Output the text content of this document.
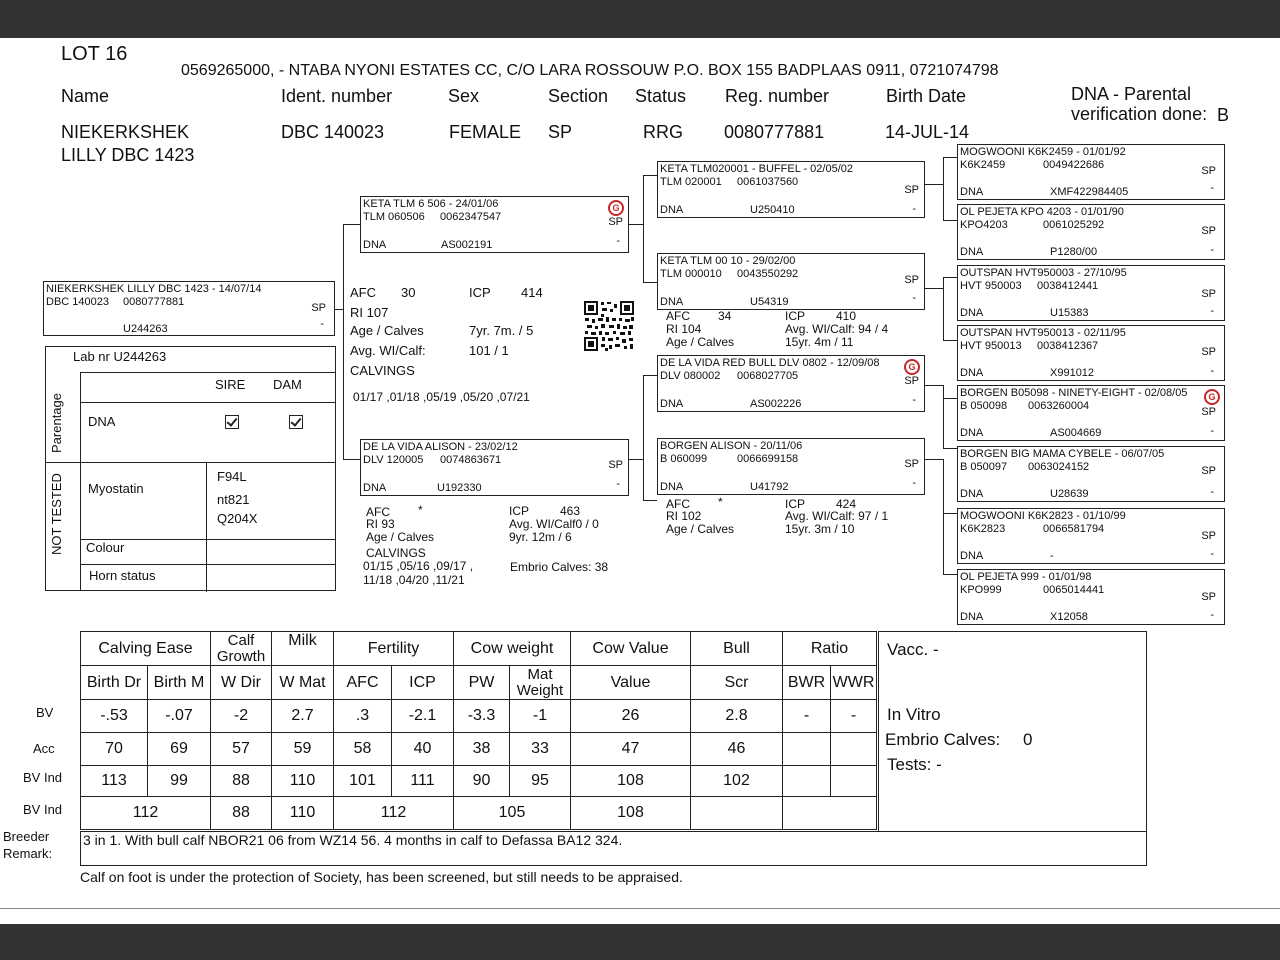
LOT 16
0569265000, - NTABA NYONI ESTATES CC, C/O LARA ROSSOUW P.O. BOX 155 BADPLAAS 0911, 0721074798
Name	Ident. number	Sex	Section Status Reg. number	Birth Date	DNA - Parental
verification done: B
NIEKERKSHEK
LILLY DBC 1423
DBC 140023	FEMALE SP	RRG 0080777881	14-JUL-14
NIEKERKSHEK LILLY DBC 1423 - 14/07/14
DBC 140023 0080777881	SP
-
U244263
Lab nr U244263
SIRE DAM
DNA
Parentage
NOT TESTED Myostatin
F94L
nt821
Q204X
Colour
Horn status
AFC 30	ICP 414
RI 107
Age / Calves	7yr. 7m. / 5
Avg. WI/Calf:	101 / 1
CALVINGS
01/17 ,01/18 ,05/19 ,05/20 ,07/21
KETA TLM 6 506 - 24/01/06
TLM 060506 0062347547	SP
-
DNA	AS002191
G
DE LA VIDA ALISON - 23/02/12
DLV 120005 0074863671	SP
-
DNA	U192330
AFC *	ICP	463
RI 93	Avg. WI/Calf0 / 0
Age / Calves	9yr. 12m / 6
CALVINGS
01/15 ,05/16 ,09/17 ,
11/18 ,04/20 ,11/21
Embrio Calves: 38
KETA TLM020001 - BUFFEL - 02/05/02
TLM 020001 0061037560
SP
-
DNA	U250410
KETA TLM 00 10 - 29/02/00
TLM 000010 0043550292	SP
-
DNA	U54319
AFC 34	ICP	410
RI 104	Avg. WI/Calf: 94 / 4
Age / Calves	15yr. 4m / 11
DE LA VIDA RED BULL DLV 0802 - 12/09/08
DLV 080002 0068027705	SP
-
DNA	AS002226
G
BORGEN ALISON - 20/11/06
B 060099	0066699158	SP
-
DNA	U41792
AFC *	ICP	424
RI 102	Avg. WI/Calf: 97 / 1
Age / Calves	15yr. 3m / 10
MOGWOONI K6K2459 - 01/01/92
K6K2459	0049422686	SP
-
DNA	XMF422984405
OL PEJETA KPO 4203 - 01/01/90
KPO4203	0061025292	SP
-
DNA	P1280/00
OUTSPAN HVT950003 - 27/10/95
HVT 950003 0038412441
SP
-
DNA	U15383
OUTSPAN HVT950013 - 02/11/95
HVT 950013 0038412367	SP
-
DNA	X991012
BORGEN B05098 - NINETY-EIGHT - 02/08/05
B 050098 0063260004	SP
-
DNA	AS004669
G
BORGEN BIG MAMA CYBELE - 06/07/05
B 050097 0063024152	SP
-
DNA	U28639
MOGWOONI K6K2823 - 01/10/99
K6K2823	0066581794
SP
-
DNA	-
OL PEJETA 999 - 01/01/98
KPO999	0065014441
SP
-
DNA	X12058
BV
Acc
BV Ind
BV Ind
Calving Ease		Calf Growth	Milk	Fertility		Cow weight		Cow Value	Bull	Ratio	
Birth Dr	Birth M	W Dir	W Mat	AFC	ICP	PW	Mat Weight	Value	Scr	BWR	WWR
-.53	-.07	-2	2.7	.3	-2.1	-3.3	-1	26	2.8	-	-
70	69	57	59	58	40	38	33	47	46		
113	99	88	110	101	111	90	95	108	102		
112		88	110	112		105		108			
Vacc. -
In Vitro
Embrio Calves: 0
Tests: -
Breeder
Remark:
3 in 1. With bull calf NBOR21 06 from WZ14 56. 4 months in calf to Defassa BA12 324.
Calf on foot is under the protection of Society, has been screened, but still needs to be appraised.
